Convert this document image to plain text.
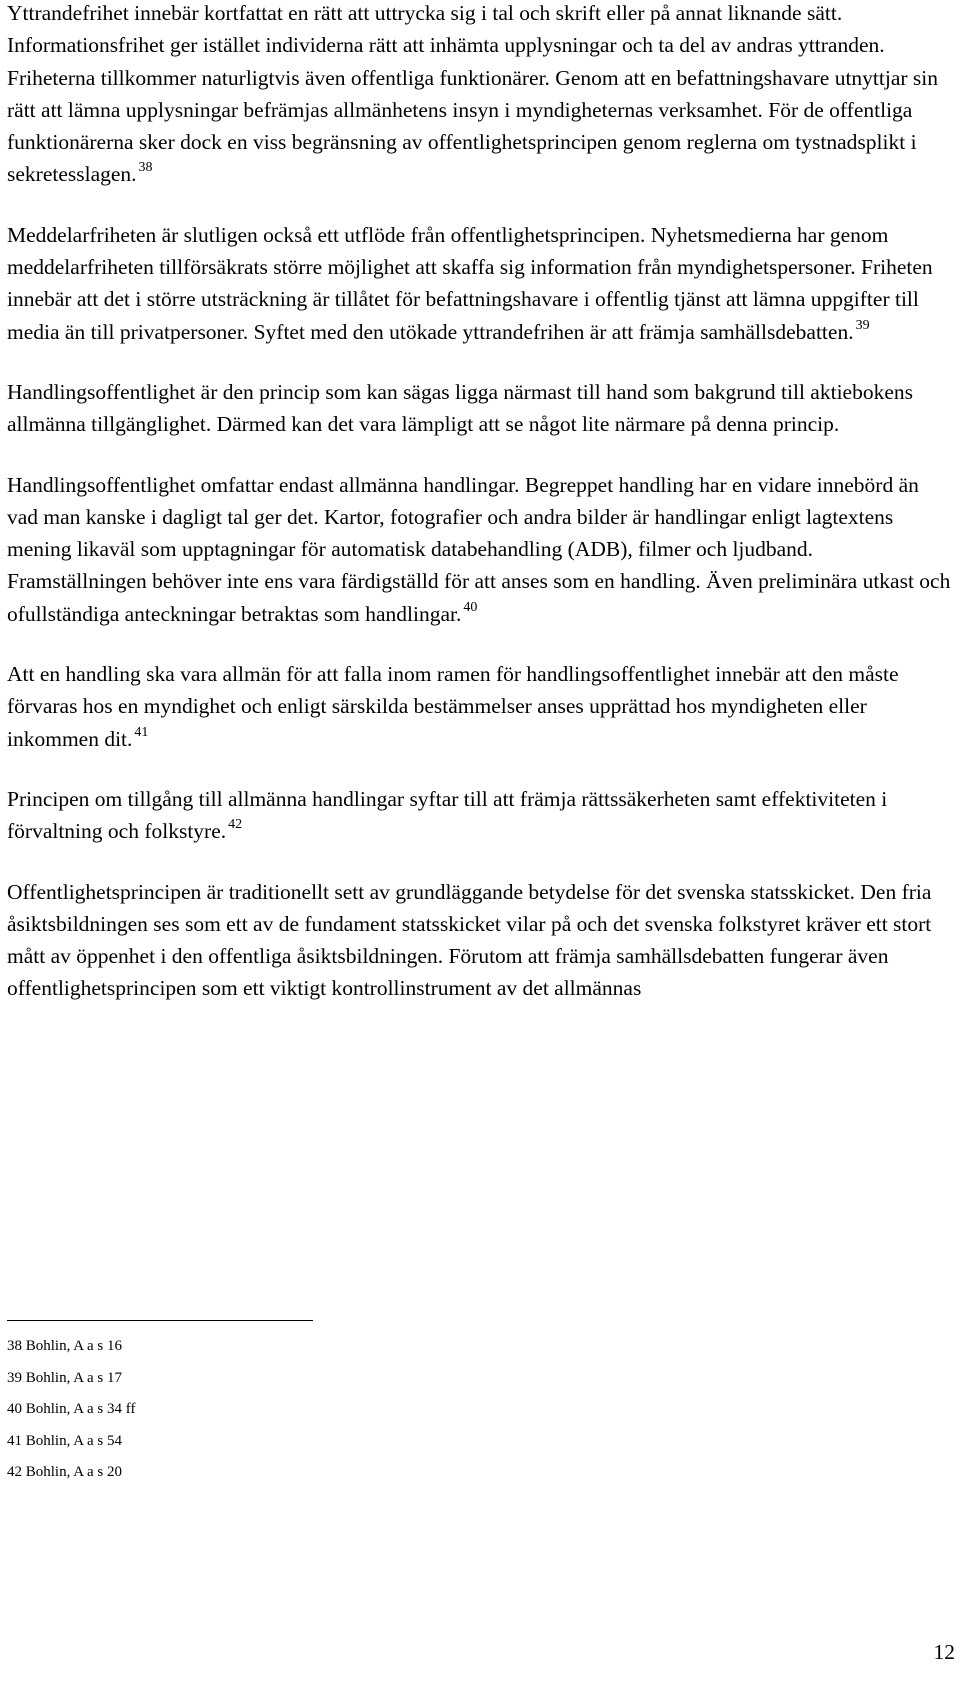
Yttrandefrihet innebär kortfattat en rätt att uttrycka sig i tal och skrift eller på annat liknande sätt. Informationsfrihet ger istället individerna rätt att inhämta upplysningar och ta del av andras yttranden. Friheterna tillkommer naturligtvis även offentliga funktionärer. Genom att en befattningshavare utnyttjar sin rätt att lämna upplysningar befrämjas allmänhetens insyn i myndigheternas verksamhet. För de offentliga funktionärerna sker dock en viss begränsning av offentlighetsprincipen genom reglerna om tystnadsplikt i sekretesslagen. $^{38}$

Meddelarfriheten är slutligen också ett utflöde från offentlighetsprincipen. Nyhetsmedierna har genom meddelarfriheten tillförsäkrats större möjlighet att skaffa sig information från myndighetspersoner. Friheten innebär att det i större utsträckning är tillåtet för befattningshavare i offentlig tjänst att lämna uppgifter till media än till privatpersoner. Syftet med den utökade yttrandefrihen är att främja samhällsdebatten. $^{39}$

Handlingsoffentlighet är den princip som kan sägas ligga närmast till hand som bakgrund till aktiebokens allmänna tillgänglighet. Därmed kan det vara lämpligt att se något lite närmare på denna princip.

Handlingsoffentlighet omfattar endast allmänna handlingar. Begreppet handling har en vidare innebörd än vad man kanske i dagligt tal ger det. Kartor, fotografier och andra bilder är handlingar enligt lagtextens mening likaväl som upptagningar för automatisk databehandling (ADB), filmer och ljudband. Framställningen behöver inte ens vara färdigställd för att anses som en handling. Även preliminära utkast och ofullständiga anteckningar betraktas som handlingar. $^{40}$

Att en handling ska vara allmän för att falla inom ramen för handlingsoffentlighet innebär att den måste förvaras hos en myndighet och enligt särskilda bestämmelser anses upprättad hos myndigheten eller inkommen dit. $^{41}$

Principen om tillgång till allmänna handlingar syftar till att främja rättssäkerheten samt effektiviteten i förvaltning och folkstyre. $^{42}$

Offentlighetsprincipen är traditionellt sett av grundläggande betydelse för det svenska statsskicket. Den fria åsiktsbildningen ses som ett av de fundament statsskicket vilar på och det svenska folkstyret kräver ett stort mått av öppenhet i den offentliga åsiktsbildningen. Förutom att främja samhällsdebatten fungerar även offentlighetsprincipen som ett viktigt kontrollinstrument av det allmännas

38 Bohlin, A a s 16
39 Bohlin, A a s 17
40 Bohlin, A a s 34 ff
41 Bohlin, A a s 54
42 Bohlin, A a s 20
12
